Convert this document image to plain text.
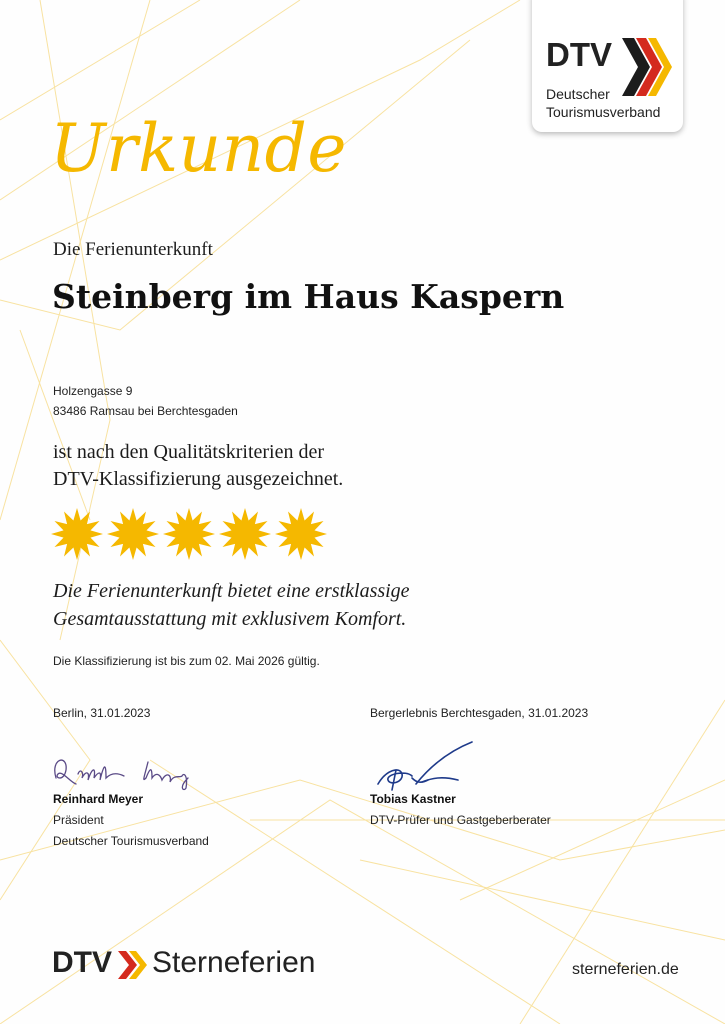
DTV
Deutscher
Tourismusverband
Urkunde
Die Ferienunterkunft
Steinberg im Haus Kaspern
Holzengasse 9
83486 Ramsau bei Berchtesgaden
ist nach den Qualitätskriterien der
DTV-Klassifizierung ausgezeichnet.
Die Ferienunterkunft bietet eine erstklassige
Gesamtausstattung mit exklusivem Komfort.
Die Klassifizierung ist bis zum 02. Mai 2026 gültig.
Berlin, 31.01.2023	Bergerlebnis Berchtesgaden, 31.01.2023
Reinhard Meyer
Präsident
Deutscher Tourismusverband
Tobias Kastner
DTV-Prüfer und Gastgeberberater
DTV Sterneferien	sterneferien.de
